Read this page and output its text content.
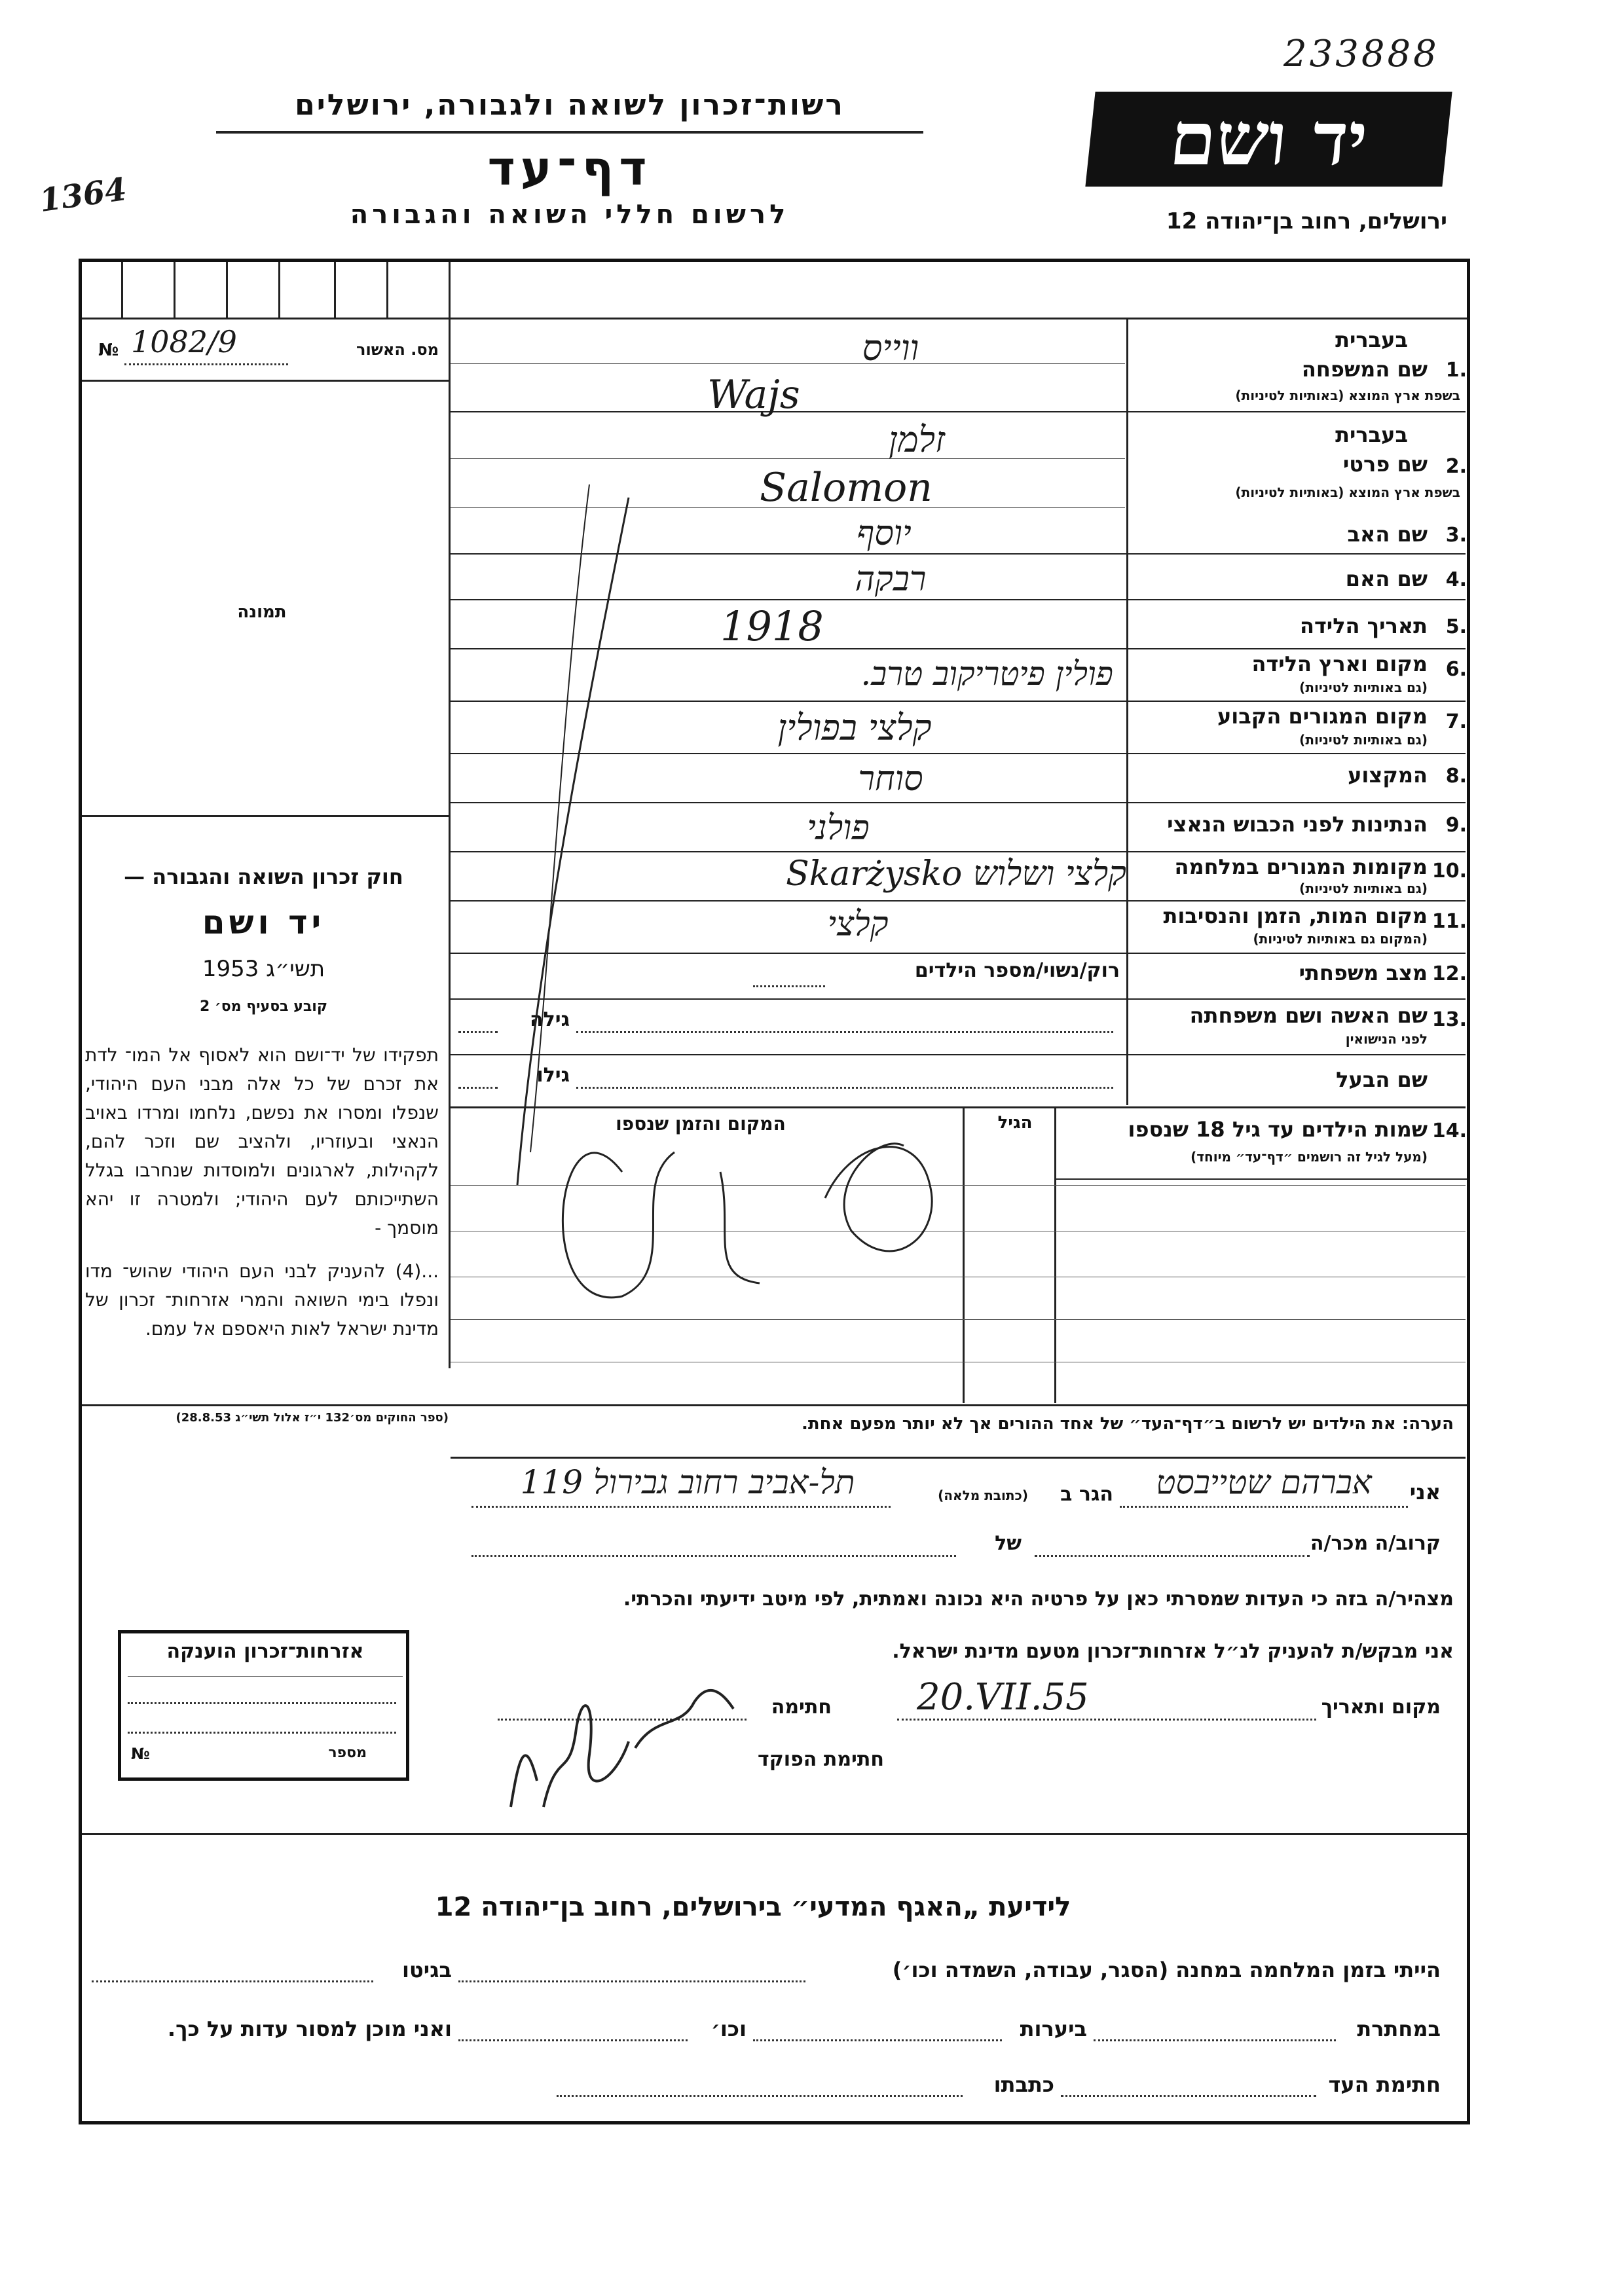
233888
1364
יד ושם
ירושלים, רחוב בן־יהודה 12
רשות־זכרון לשואה ולגבורה, ירושלים
דף־עד
לרשום חללי השואה והגבורה
מס. האשור
№ 1082/9
תמונה
חוק זכרון השואה והגבורה —
יד ושם
תשי״ג 1953
קובע בסעיף מס׳ 2
תפקידו של יד־ושם הוא לאסוף אל המו־ לדת את זכרם של כל אלה מבני העם היהודי, שנפלו ומסרו את נפשם, נלחמו ומרדו באויב הנאצי ובעוזריו, ולהציב שם וזכר להם, לקהילות, לארגונים ולמוסדות שנחרבו בגלל השתייכותם לעם היהודי; ולמטרה זו יהא מוסמך -
...(4) להעניק לבני העם היהודי שהוש־ מדו ונפלו בימי השואה והמרי אזרחות־ זכרון של מדינת ישראל לאות היאספם אל עמם.
(ספר החוקים מס׳132 י״ז אלול תשי״ג 28.8.53)
בעברית
1.
שם המשפחה
בשפת ארץ המוצא (באותיות לטיניות)
בעברית
2.
שם פרטי
בשפת ארץ המוצא (באותיות לטיניות)
3.
שם האב
4.
שם האם
5.
תאריך הלידה
6.
מקום וארץ הלידה
(גם באותיות לטיניות)
7.
מקום המגורים הקבוע
(גם באותיות לטיניות)
8.
המקצוע
9.
הנתינות לפני הכבוש הנאצי
10.
מקומות המגורים במלחמה
(גם באותיות לטיניות)
11.
מקום המות, הזמן והנסיבות
(המקום גם באותיות לטיניות)
12.
מצב משפחתי
13.
שם האשה ושם משפחתה
לפני הנישואין
שם הבעל
רוק/נשוי/מספר הילדים
גילה
גילו
14.
שמות הילדים עד גיל 18 שנספו
(מעל לגיל זה רושמים ״דף־עד״ מיוחד)
הגיל
המקום והזמן שנספו
ווייס
Wajs
זלמן
Salomon
יוסף
רבקה
1918
פולין פיטריקוב טרב.
קלצי בפולין
סוחר
פולני
קלצי ושלוש Skarżysko
קלצי
הערה: את הילדים יש לרשום ב״דף־העד״ של אחד ההורים אך לא יותר מפעם אחת.
אני
אברהם שטייבסט
הגר ב
(כתובת מלאה)
תל-אביב רחוב גבירול 119
קרוב/ה מכר/ה
של
מצהיר/ה בזה כי העדות שמסרתי כאן על פרטיה היא נכונה ואמתית, לפי מיטב ידיעתי והכרתי.
אני מבקש/ת להעניק לנ״ל אזרחות־זכרון מטעם מדינת ישראל.
מקום ותאריך
20.VII.55
חתימה
חתימת הפוקד
אזרחות־זכרון הוענקה
מספר
№
לידיעת „האגף המדעי״ בירושלים, רחוב בן־יהודה 12
הייתי בזמן המלחמה במחנה (הסגר, עבודה, השמדה וכו׳)
בגיטו
במחתרת
ביערות
וכו׳
ואני מוכן למסור עדות על כך.
חתימת העד
כתבתו
